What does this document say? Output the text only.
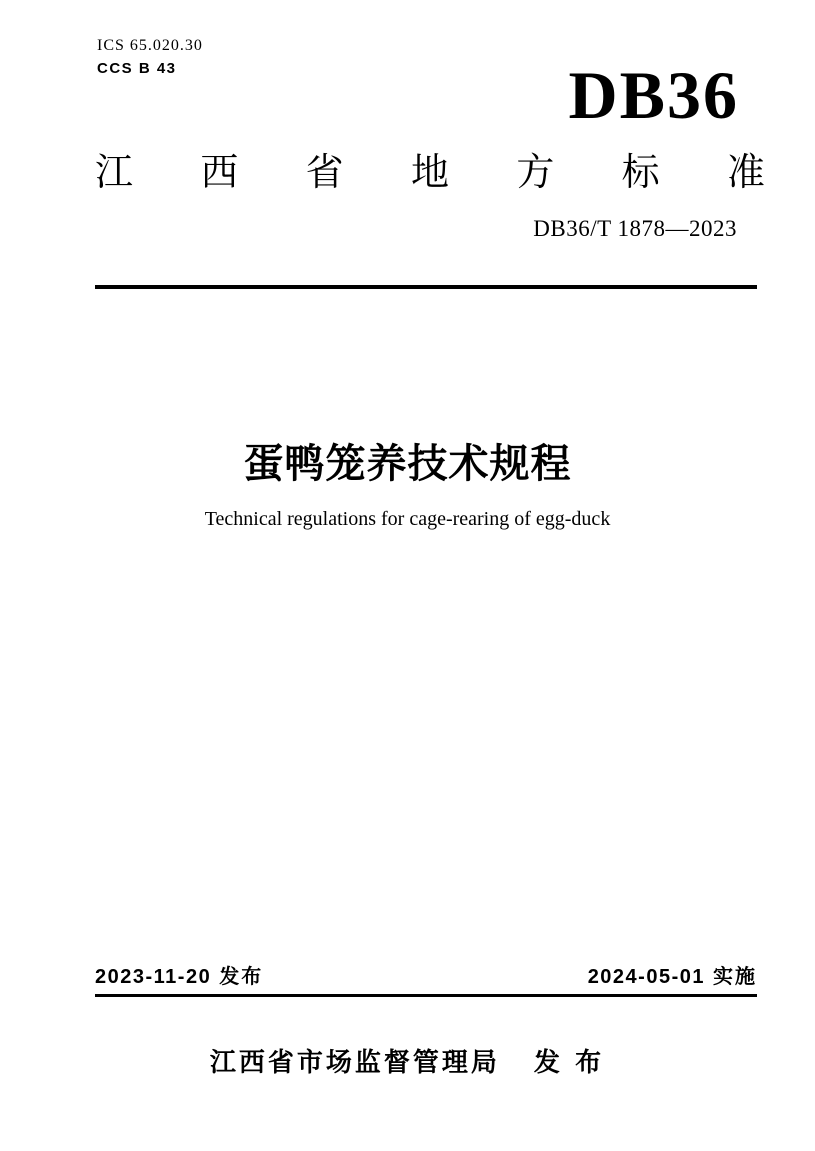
ICS 65.020.30
CCS B 43	DB36
江 西 省 地 方 标 准
DB36/T 1878—2023
蛋鸭笼养技术规程
Technical regulations for cage-rearing of egg-duck
2023-11-20 发布	2024-05-01 实施
江西省市场监督管理局 发 布
